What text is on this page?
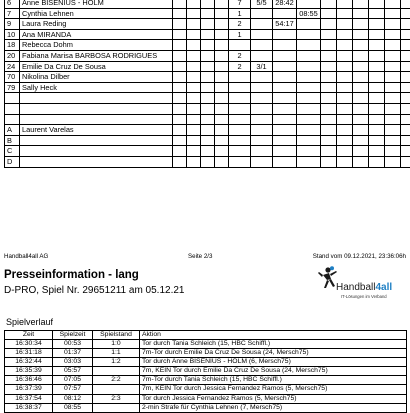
6	Anne BISENIUS - HOLM					7	5/5	28:42							
7	Cynthia Lehnen					1			08:55						
9	Laura Reding					2		54:17							
10	Ana MIRANDA					1									
18	Rebecca Dohm														
20	Fabiana Marisa BARBOSA RODRIGUES					2									
24	Emilie Da Cruz De Sousa					2	3/1								
70	Nikolina Dilber														
79	Sally Heck														

A	Laurent Varelas														
B															
C															
D															
Handball4all AG	Seite 2/3	Stand vom 09.12.2021, 23:36:06h
Presseinformation - lang
D-PRO, Spiel Nr. 29651211 am 05.12.21	Handball4all
IT-Lösungen im Verband
Spielverlauf
Zeit	Spielzeit	Spielstand	Aktion
16:30:34	00:53	1:0	Tor durch Tania Schleich (15, HBC Schiffl.)
16:31:18	01:37	1:1	7m-Tor durch Emilie Da Cruz De Sousa (24, Mersch75)
16:32:44	03:03	1:2	Tor durch Anne BISENIUS - HOLM (6, Mersch75)
16:35:39	05:57		7m, KEIN Tor durch Emilie Da Cruz De Sousa (24, Mersch75)
16:36:46	07:05	2:2	7m-Tor durch Tania Schleich (15, HBC Schiffl.)
16:37:39	07:57		7m, KEIN Tor durch Jessica Fernandez Ramos (5, Mersch75)
16:37:54	08:12	2:3	Tor durch Jessica Fernandez Ramos (5, Mersch75)
16:38:37	08:55		2-min Strafe für Cynthia Lehnen (7, Mersch75)
